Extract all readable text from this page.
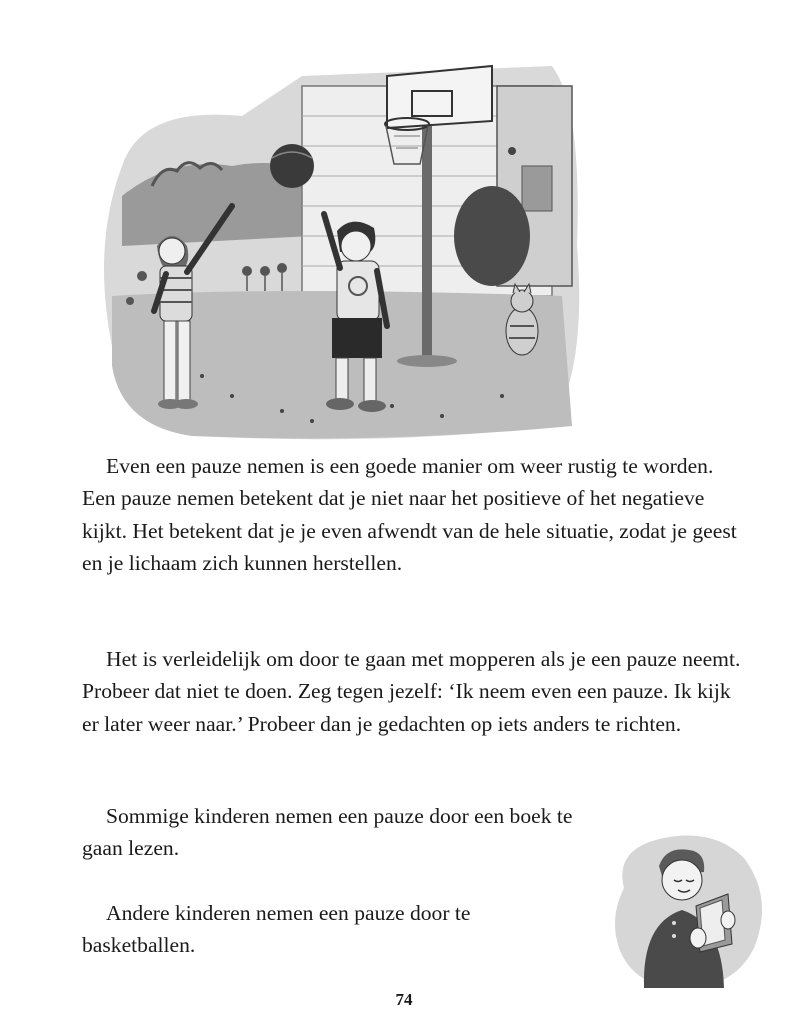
Even een pauze nemen is een goede manier om weer rustig te worden. Een pauze nemen betekent dat je niet naar het positieve of het negatieve kijkt. Het betekent dat je je even afwendt van de hele situatie, zodat je geest en je lichaam zich kunnen herstellen.

Het is verleidelijk om door te gaan met mopperen als je een pauze neemt. Probeer dat niet te doen. Zeg tegen jezelf: ‘Ik neem even een pauze. Ik kijk er later weer naar.’ Probeer dan je gedachten op iets anders te richten.

Sommige kinderen nemen een pauze door een boek te gaan lezen.

Andere kinderen nemen een pauze door te basketballen.

74
